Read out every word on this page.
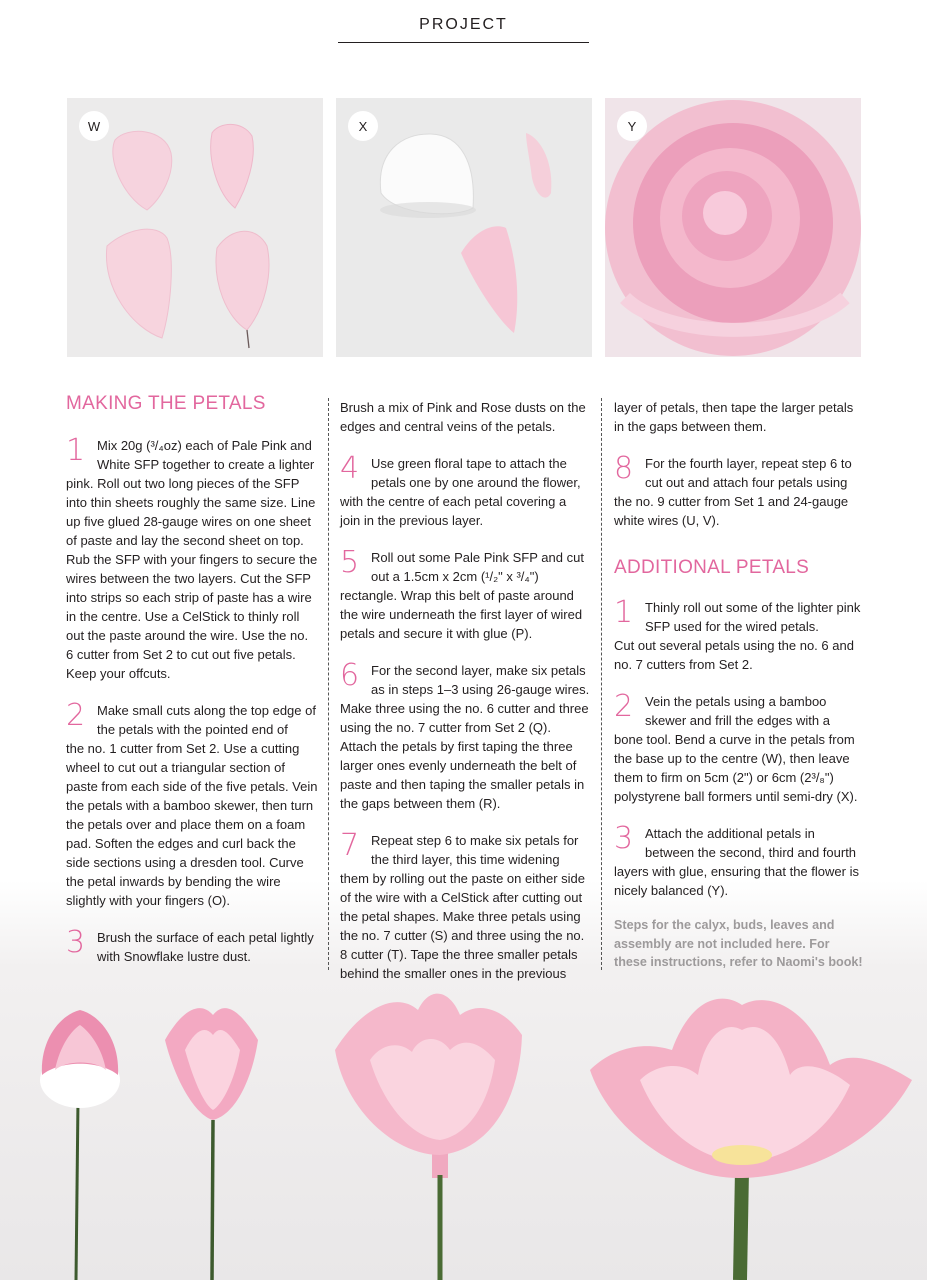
PROJECT
W	X	Y
MAKING THE PETALS
1 Mix 20g (³/₄oz) each of Pale Pink and White SFP together to create a lighter

pink. Roll out two long pieces of the SFP into thin sheets roughly the same size. Line up five glued 28-gauge wires on one sheet of paste and lay the second sheet on top. Rub the SFP with your fingers to secure the wires between the two layers. Cut the SFP into strips so each strip of paste has a wire in the centre. Use a CelStick to thinly roll out the paste around the wire. Use the no. 6 cutter from Set 2 to cut out five petals. Keep your offcuts.

2 Make small cuts along the top edge of the petals with the pointed end of

the no. 1 cutter from Set 2. Use a cutting wheel to cut out a triangular section of paste from each side of the five petals. Vein the petals with a bamboo skewer, then turn the petals over and place them on a foam pad. Soften the edges and curl back the side sections using a dresden tool. Curve the petal inwards by bending the wire slightly with your fingers (O).

3 Brush the surface of each petal lightly with Snowflake lustre dust.

Brush a mix of Pink and Rose dusts on the edges and central veins of the petals.

4 Use green floral tape to attach the petals one by one around the flower,

with the centre of each petal covering a join in the previous layer.

5 Roll out some Pale Pink SFP and cut out a 1.5cm x 2cm (¹/₂" x ³/₄")

rectangle. Wrap this belt of paste around the wire underneath the first layer of wired petals and secure it with glue (P).

6 For the second layer, make six petals as in steps 1–3 using 26-gauge wires.

Make three using the no. 6 cutter and three using the no. 7 cutter from Set 2 (Q). Attach the petals by first taping the three larger ones evenly underneath the belt of paste and then taping the smaller petals in the gaps between them (R).

7 Repeat step 6 to make six petals for the third layer, this time widening

them by rolling out the paste on either side of the wire with a CelStick after cutting out the petal shapes. Make three petals using the no. 7 cutter (S) and three using the no. 8 cutter (T). Tape the three smaller petals behind the smaller ones in the previous

layer of petals, then tape the larger petals in the gaps between them.

8 For the fourth layer, repeat step 6 to cut out and attach four petals using

the no. 9 cutter from Set 1 and 24-gauge white wires (U, V).

ADDITIONAL PETALS
1 Thinly roll out some of the lighter pink SFP used for the wired petals.

Cut out several petals using the no. 6 and no. 7 cutters from Set 2.

2 Vein the petals using a bamboo skewer and frill the edges with a

bone tool. Bend a curve in the petals from the base up to the centre (W), then leave them to firm on 5cm (2") or 6cm (2³/₈") polystyrene ball formers until semi-dry (X).

3 Attach the additional petals in between the second, third and fourth

layers with glue, ensuring that the flower is nicely balanced (Y).

Steps for the calyx, buds, leaves and assembly are not included here. For these instructions, refer to Naomi's book!
